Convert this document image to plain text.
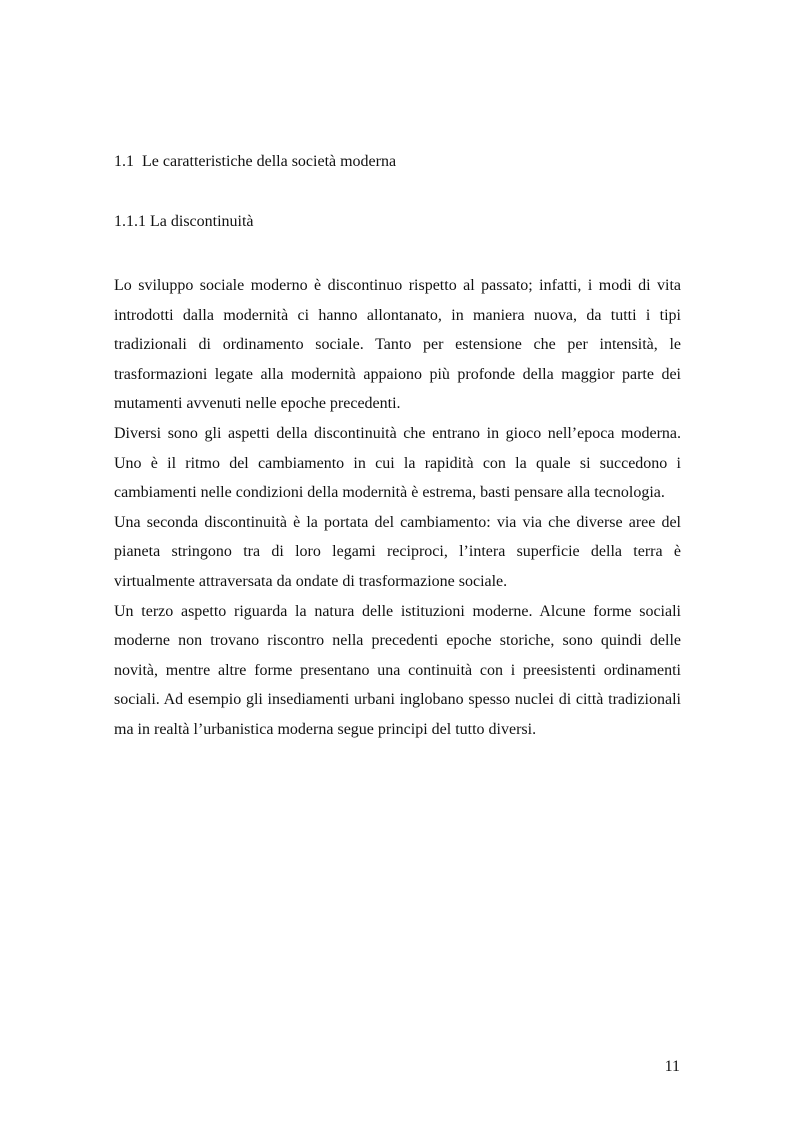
1.1  Le caratteristiche della società moderna
1.1.1 La discontinuità

Lo sviluppo sociale moderno è discontinuo rispetto al passato; infatti, i modi di vita introdotti dalla modernità ci hanno allontanato, in maniera nuova, da tutti i tipi tradizionali di ordinamento sociale. Tanto per estensione che per intensità, le trasformazioni legate alla modernità appaiono più profonde della maggior parte dei mutamenti avvenuti nelle epoche precedenti.

Diversi sono gli aspetti della discontinuità che entrano in gioco nell’epoca moderna. Uno è il ritmo del cambiamento in cui la rapidità con la quale si succedono i cambiamenti nelle condizioni della modernità è estrema, basti pensare alla tecnologia.

Una seconda discontinuità è la portata del cambiamento: via via che diverse aree del pianeta stringono tra di loro legami reciproci, l’intera superficie della terra è virtualmente attraversata da ondate di trasformazione sociale.

Un terzo aspetto riguarda la natura delle istituzioni moderne. Alcune forme sociali moderne non trovano riscontro nella precedenti epoche storiche, sono quindi delle novità, mentre altre forme presentano una continuità con i preesistenti ordinamenti sociali. Ad esempio gli insediamenti urbani inglobano spesso nuclei di città tradizionali ma in realtà l’urbanistica moderna segue principi del tutto diversi.

11
